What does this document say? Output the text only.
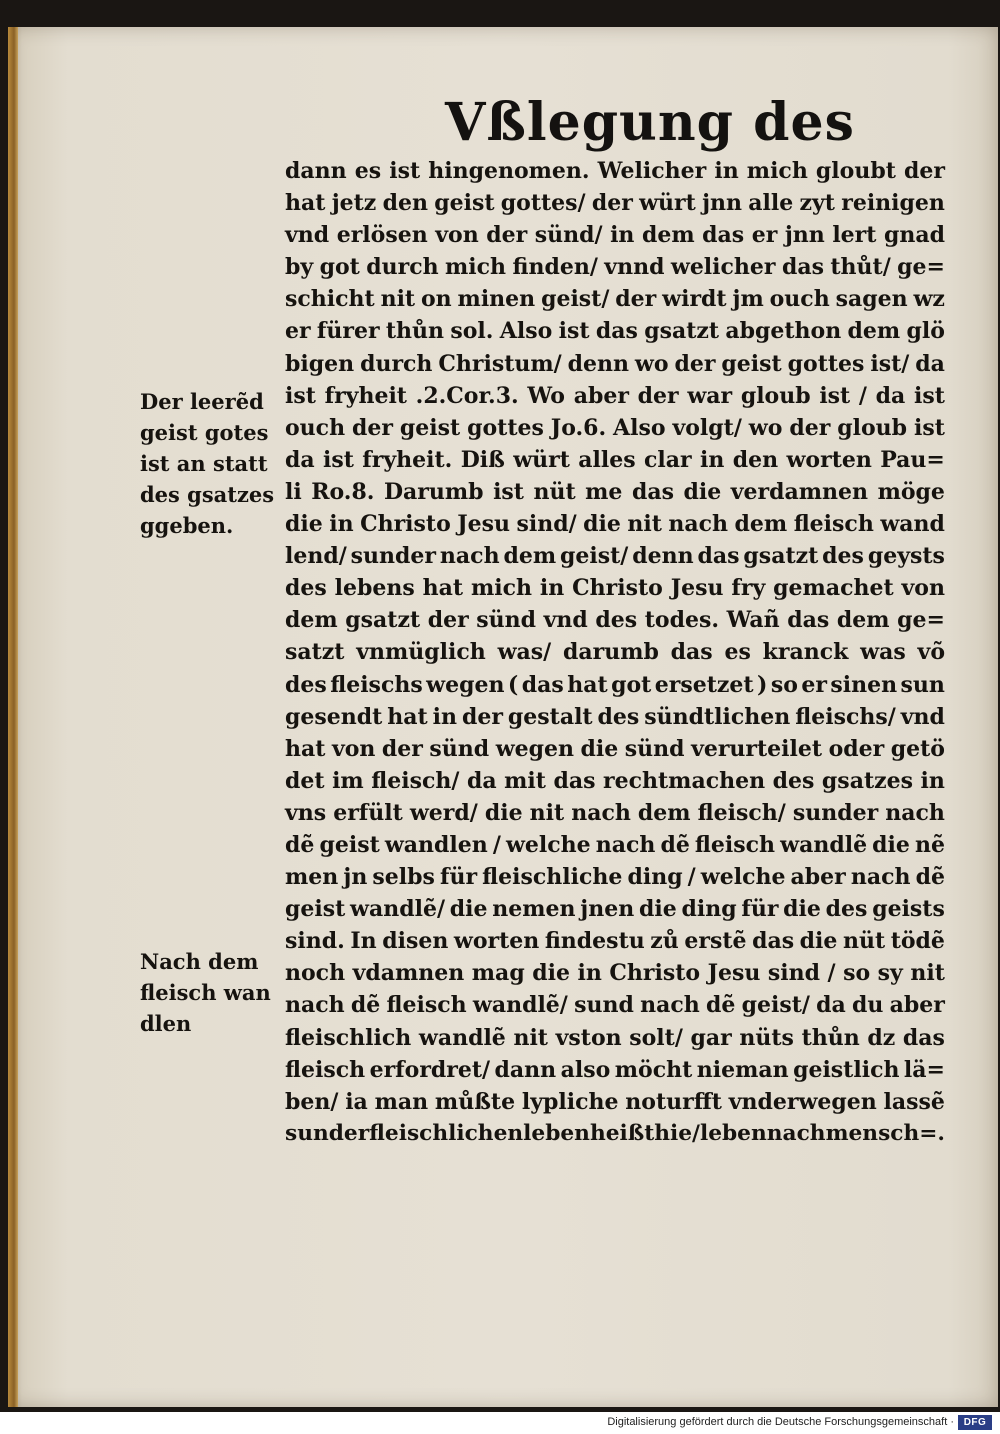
Vßlegung des
dann es ist hingenomen. Welicher in mich gloubt der
hat jetz den geist gottes/ der würt jnn alle zyt reinigen
vnd erlösen von der sünd/ in dem das er jnn lert gnad
by got durch mich finden/ vnnd welicher das thůt/ ge=
schicht nit on minen geist/ der wirdt jm ouch sagen wz
er fürer thůn sol. Also ist das gsatzt abgethon dem glö
bigen durch Christum/ denn wo der geist gottes ist/ da
ist fryheit .2.Cor.3. Wo aber der war gloub ist / da ist
ouch der geist gottes Jo.6. Also volgt/ wo der gloub ist
da ist fryheit. Diß würt alles clar in den worten Pau=
li Ro.8. Darumb ist nüt me das die verdamnen möge
die in Christo Jesu sind/ die nit nach dem fleisch wand
lend/ sunder nach dem geist/ denn das gsatzt des geysts
des lebens hat mich in Christo Jesu fry gemachet von
dem gsatzt der sünd vnd des todes. Wañ das dem ge=
satzt vnmüglich was/ darumb das es kranck was võ
des fleischs wegen ( das hat got ersetzet ) so er sinen sun
gesendt hat in der gestalt des sündtlichen fleischs/ vnd
hat von der sünd wegen die sünd verurteilet oder getö
det im fleisch/ da mit das rechtmachen des gsatzes in
vns erfült werd/ die nit nach dem fleisch/ sunder nach
dẽ geist wandlen / welche nach dẽ fleisch wandlẽ die nẽ
men jn selbs für fleischliche ding / welche aber nach dẽ
geist wandlẽ/ die nemen jnen die ding für die des geists
sind. In disen worten findestu zů erstẽ das die nüt tödẽ
noch vdamnen mag die in Christo Jesu sind / so sy nit
nach dẽ fleisch wandlẽ/ sund nach dẽ geist/ da du aber
fleischlich wandlẽ nit vston solt/ gar nüts thůn dz das
fleisch erfordret/ dann also möcht nieman geistlich lä=
ben/ ia man můßte lypliche noturfft vnderwegen lassẽ
sunder fleischlichen leben heißt hie/ leben nach mensch=.
Der leerẽd
geist gotes
ist an statt
des gsatzes
ggeben.
Nach dem
fleisch wan
dlen
Digitalisierung gefördert durch die Deutsche Forschungsgemeinschaft · DFG
